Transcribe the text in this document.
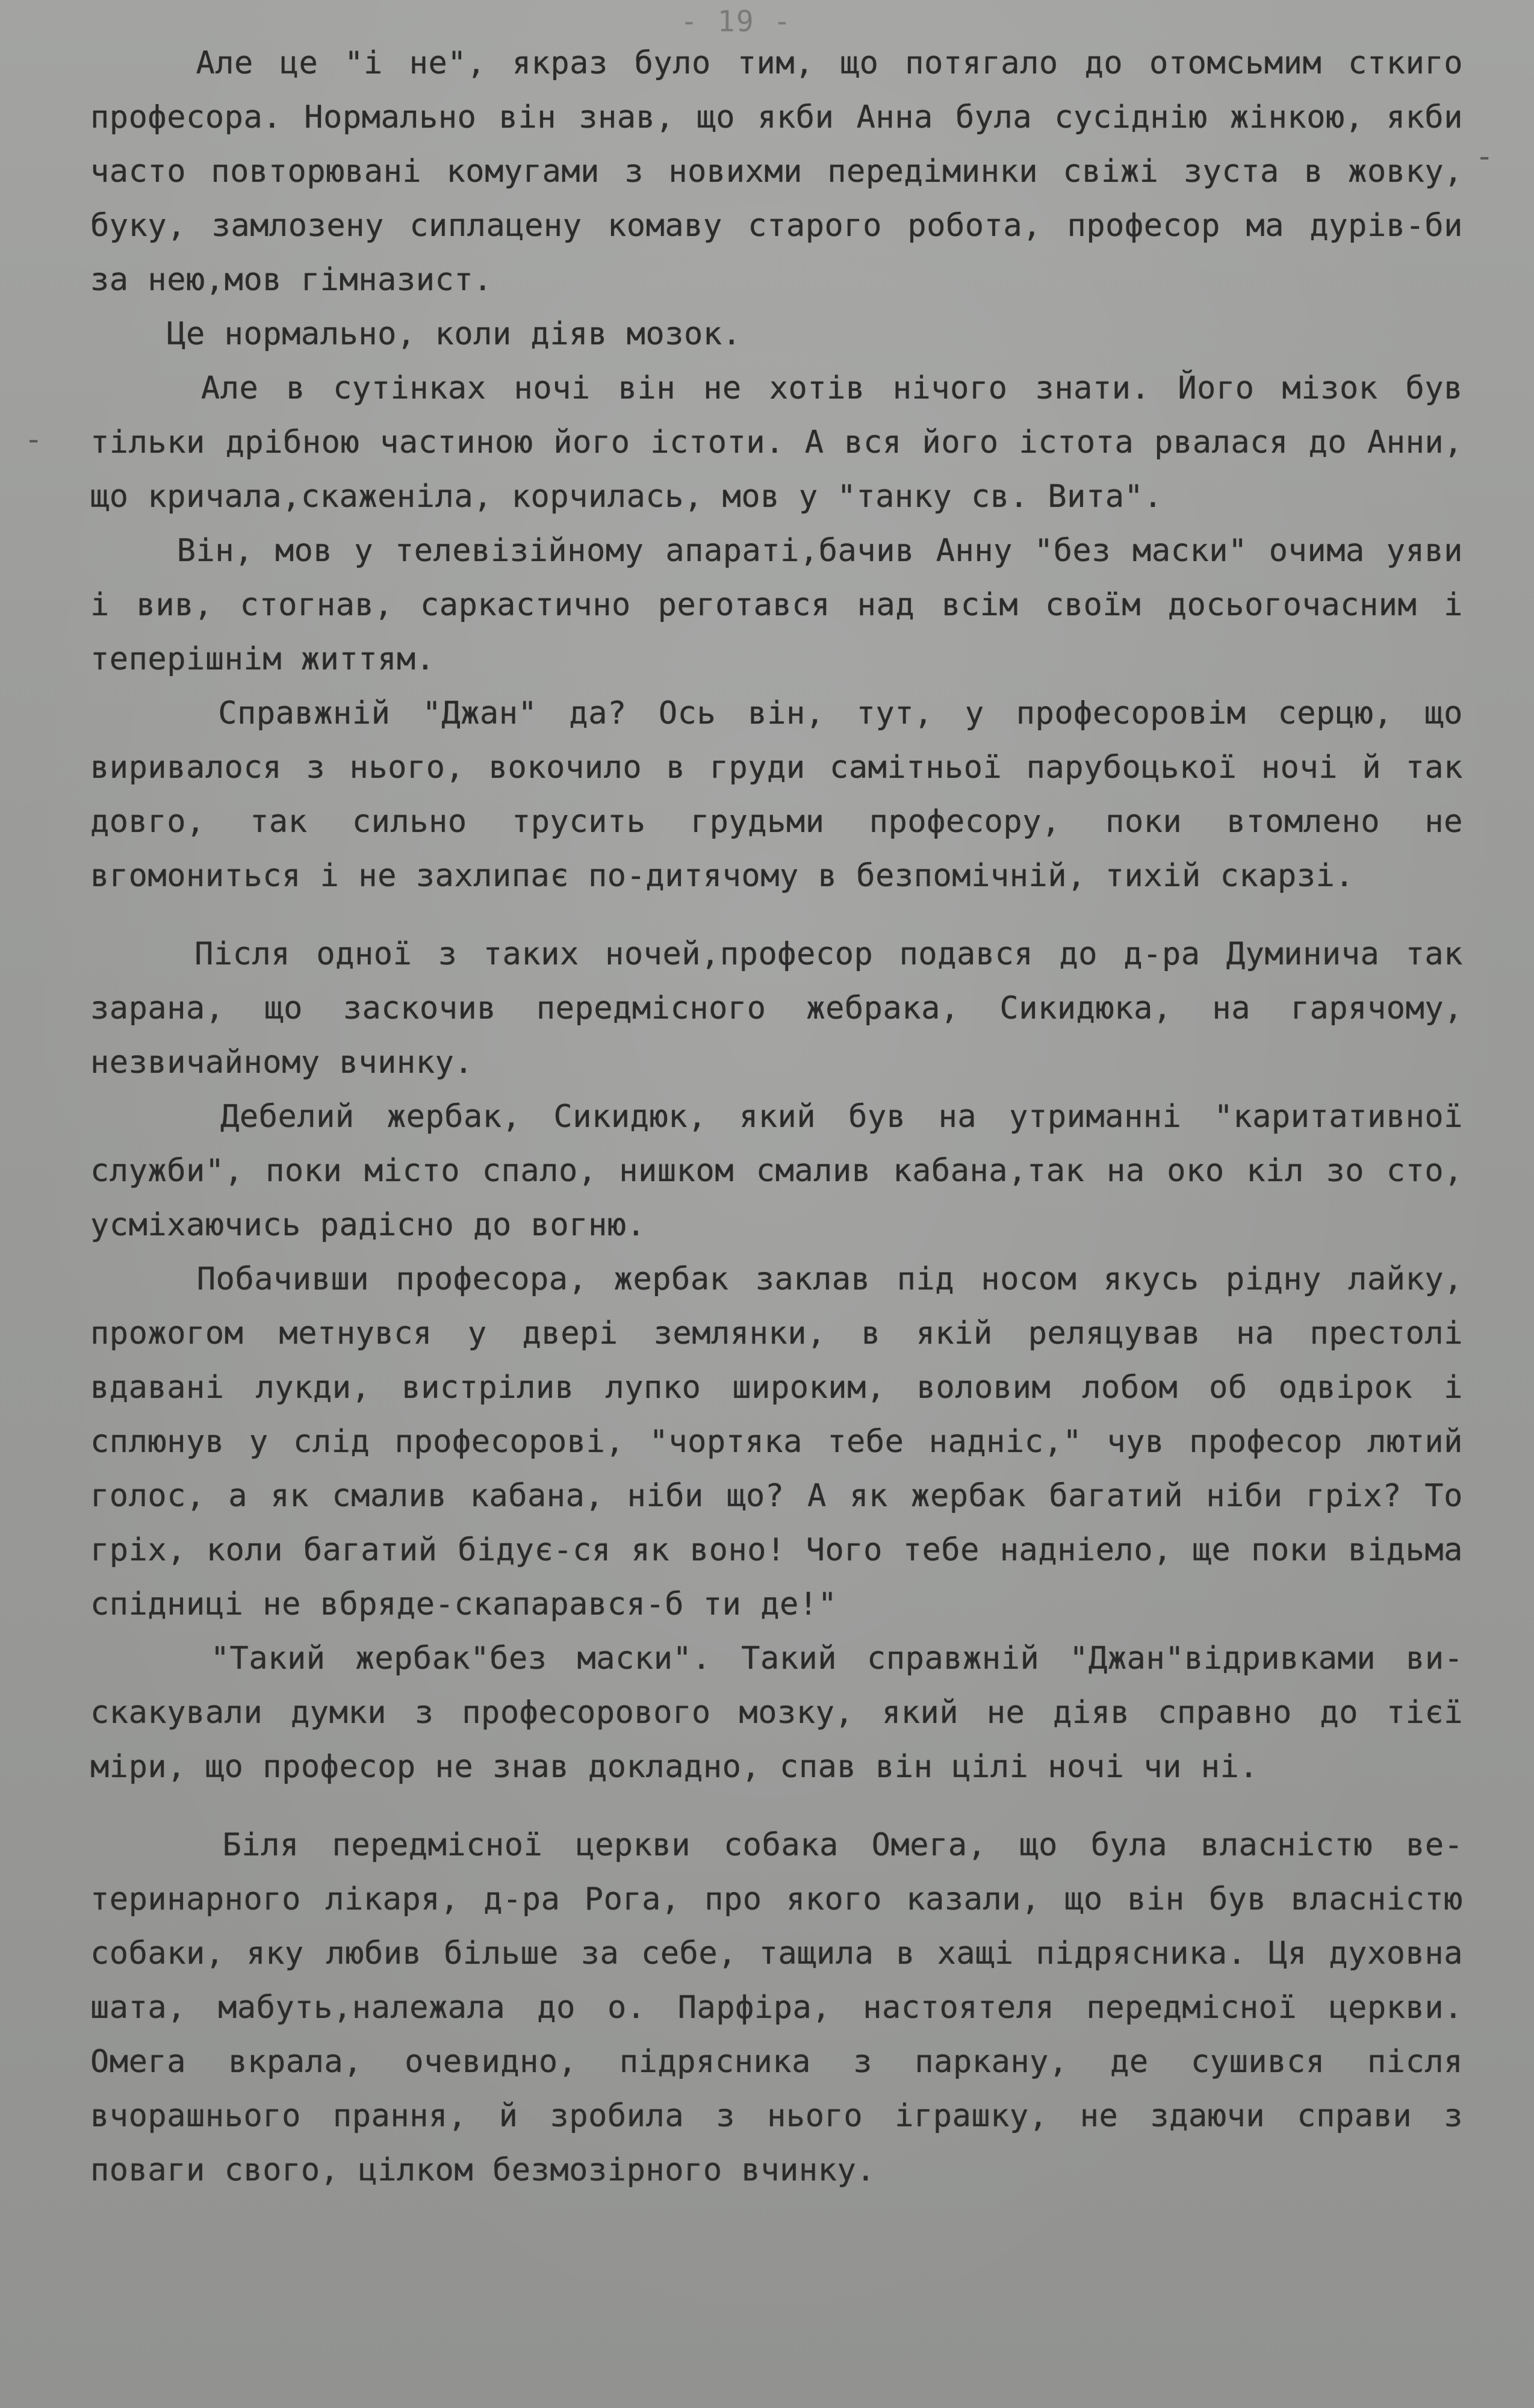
- 19 -

Але це "і не", якраз було тим, що потягало до отомсьмим сткиго професора. Нормально він знав, що якби Анна була сусіднію жінкою, якби часто повторювані комугами з новихми передіминки свіжі зуста в жовку, буку, замлозену сиплацену комаву старого робота, професор ма дурів-би за нею,мов гімназист.

Це нормально, коли діяв мозок.

Але в сутінках ночі він не хотів нічого знати. Його мізок був тільки дрібною частиною його істоти. А вся його істота рвалася до Анни, що кричала,скаженіла, корчилась, мов у "танку св. Вита".

Він, мов у телевізійному апараті,бачив Анну "без маски" очима уяви і вив, стогнав, саркастично реготався над всім своїм досьогочасним і теперішнім життям.

Справжній "Джан" да? Ось він, тут, у професоровім серцю, що виривалося з нього, вокочило в груди самітньої парубоцької ночі й так довго, так сильно трусить грудьми професору, поки втомлено не вгомониться і не захлипає по-дитячому в безпомічній, тихій скарзі.

Після одної з таких ночей,професор подався до д-ра Думинича так зарана, що заскочив передмісного жебрака, Сикидюка, на гарячому, незвичайному вчинку.

Дебелий жербак, Сикидюк, який був на утриманні "каритативної служби", поки місто спало, нишком смалив кабана,так на око кіл зо сто, усміхаючись радісно до вогню.

Побачивши професора, жербак заклав під носом якусь рідну лайку, прожогом метнувся у двері землянки, в якій реляцував на престолі вдавані лукди, вистрілив лупко широким, воловим лобом об одвірок і сплюнув у слід професорові, "чортяка тебе надніс," чув професор лютий голос, а як смалив кабана, ніби що? А як жербак багатий ніби гріх? То гріх, коли багатий бідує-ся як воно! Чого тебе надніело, ще поки відьма спідниці не вбряде-скапарався-б ти де!"

"Такий жербак"без маски". Такий справжній "Джан"відривками вискакували думки з професорового мозку, який не діяв справно до тієї міри, що професор не знав докладно, спав він цілі ночі чи ні.

Біля передмісної церкви собака Омега, що була власністю ветеринарного лікаря, д-ра Рога, про якого казали, що він був власністю собаки, яку любив більше за себе, тащила в хащі підрясника. Ця духовна шата, мабуть,належала до о. Парфіра, настоятеля передмісної церкви. Омега вкрала, очевидно, підрясника з паркану, де сушився після вчорашнього прання, й зробила з нього іграшку, не здаючи справи з поваги свого, цілком безмозірного вчинку.

-
-
